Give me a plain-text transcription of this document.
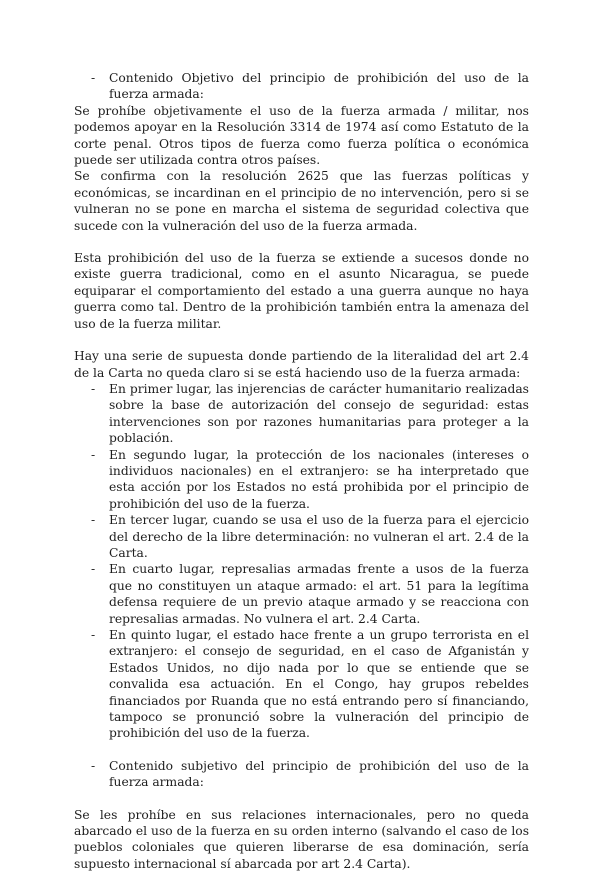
- Contenido Objetivo del principio de prohibición del uso de la fuerza armada:

Se prohíbe objetivamente el uso de la fuerza armada / militar, nos podemos apoyar en la Resolución 3314 de 1974 así como Estatuto de la corte penal. Otros tipos de fuerza como fuerza política o económica puede ser utilizada contra otros países.

Se confirma con la resolución 2625 que las fuerzas políticas y económicas, se incardinan en el principio de no intervención, pero si se vulneran no se pone en marcha el sistema de seguridad colectiva que sucede con la vulneración del uso de la fuerza armada.

Esta prohibición del uso de la fuerza se extiende a sucesos donde no existe guerra tradicional, como en el asunto Nicaragua, se puede equiparar el comportamiento del estado a una guerra aunque no haya guerra como tal. Dentro de la prohibición también entra la amenaza del uso de la fuerza militar.

Hay una serie de supuesta donde partiendo de la literalidad del art 2.4 de la Carta no queda claro si se está haciendo uso de la fuerza armada:

- En primer lugar, las injerencias de carácter humanitario realizadas sobre la base de autorización del consejo de seguridad: estas intervenciones son por razones humanitarias para proteger a la población.
- En segundo lugar, la protección de los nacionales (intereses o individuos nacionales) en el extranjero: se ha interpretado que esta acción por los Estados no está prohibida por el principio de prohibición del uso de la fuerza.
- En tercer lugar, cuando se usa el uso de la fuerza para el ejercicio del derecho de la libre determinación: no vulneran el art. 2.4 de la Carta.
- En cuarto lugar, represalias armadas frente a usos de la fuerza que no constituyen un ataque armado: el art. 51 para la legítima defensa requiere de un previo ataque armado y se reacciona con represalias armadas. No vulnera el art. 2.4 Carta.
- En quinto lugar, el estado hace frente a un grupo terrorista en el extranjero: el consejo de seguridad, en el caso de Afganistán y Estados Unidos, no dijo nada por lo que se entiende que se convalida esa actuación. En el Congo, hay grupos rebeldes financiados por Ruanda que no está entrando pero sí financiando, tampoco se pronunció sobre la vulneración del principio de prohibición del uso de la fuerza.
- Contenido subjetivo del principio de prohibición del uso de la fuerza armada:

Se les prohíbe en sus relaciones internacionales, pero no queda abarcado el uso de la fuerza en su orden interno (salvando el caso de los pueblos coloniales que quieren liberarse de esa dominación, sería supuesto internacional sí abarcada por art 2.4 Carta).
